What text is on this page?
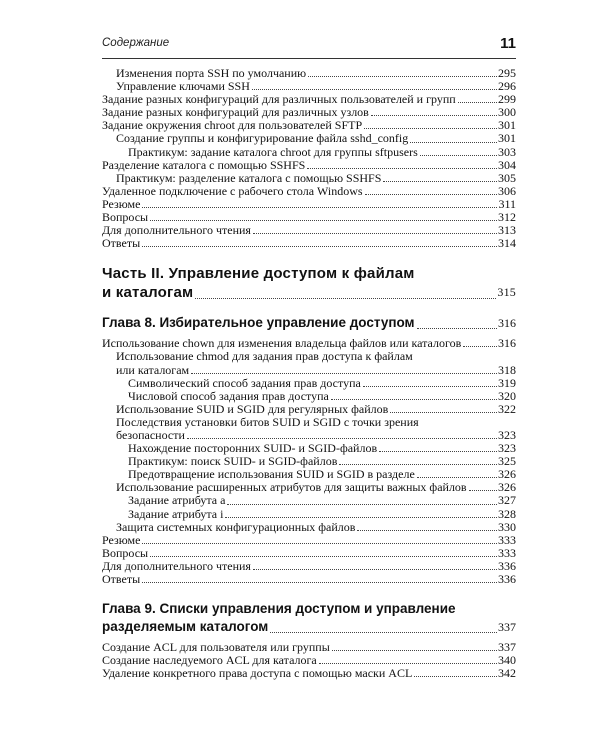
Содержание	11
Изменения порта SSH по умолчанию	295
Управление ключами SSH	296
Задание разных конфигураций для различных пользователей и групп	299
Задание разных конфигураций для различных узлов	300
Задание окружения chroot для пользователей SFTP	301
Создание группы и конфигурирование файла sshd_config	301
Практикум: задание каталога chroot для группы sftpusers	303
Разделение каталога с помощью SSHFS	304
Практикум: разделение каталога с помощью SSHFS	305
Удаленное подключение с рабочего стола Windows	306
Резюме	311
Вопросы	312
Для дополнительного чтения	313
Ответы	314
Часть II. Управление доступом к файлам
и каталогам	315
Глава 8. Избирательное управление доступом	316
Использование chown для изменения владельца файлов или каталогов	316
Использование chmod для задания прав доступа к файлам
или каталогам	318
Символический способ задания прав доступа	319
Числовой способ задания прав доступа	320
Использование SUID и SGID для регулярных файлов	322
Последствия установки битов SUID и SGID с точки зрения
безопасности	323
Нахождение посторонних SUID- и SGID-файлов	323
Практикум: поиск SUID- и SGID-файлов	325
Предотвращение использования SUID и SGID в разделе	326
Использование расширенных атрибутов для защиты важных файлов	326
Задание атрибута a	327
Задание атрибута i	328
Защита системных конфигурационных файлов	330
Резюме	333
Вопросы	333
Для дополнительного чтения	336
Ответы	336
Глава 9. Списки управления доступом и управление
разделяемым каталогом	337
Создание ACL для пользователя или группы	337
Создание наследуемого ACL для каталога	340
Удаление конкретного права доступа с помощью маски ACL	342
